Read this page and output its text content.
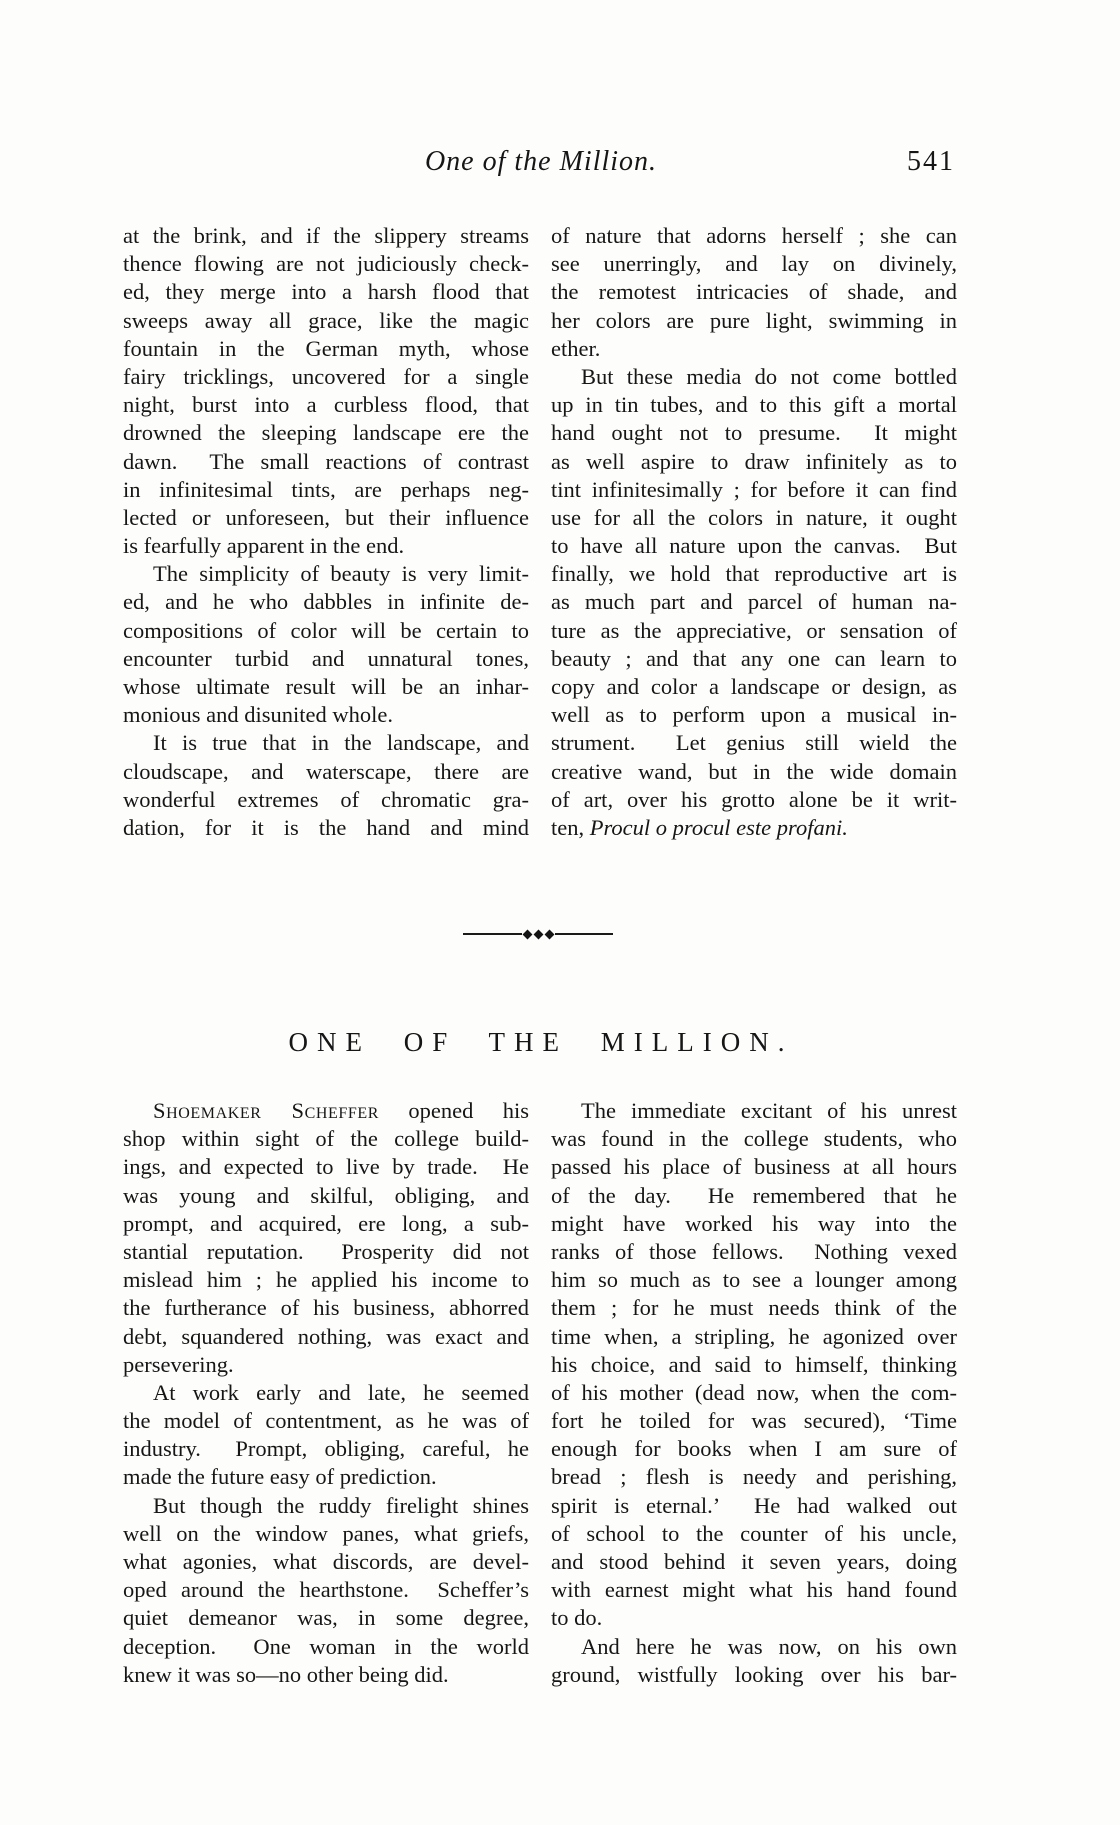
One of the Million.	541
at the brink, and if the slippery streams
thence flowing are not judiciously check-
ed, they merge into a harsh flood that
sweeps away all grace, like the magic
fountain in the German myth, whose
fairy tricklings, uncovered for a single
night, burst into a curbless flood, that
drowned the sleeping landscape ere the
dawn.  The small reactions of contrast
in infinitesimal tints, are perhaps neg-
lected or unforeseen, but their influence
is fearfully apparent in the end.
The simplicity of beauty is very limit-
ed, and he who dabbles in infinite de-
compositions of color will be certain to
encounter turbid and unnatural tones,
whose ultimate result will be an inhar-
monious and disunited whole.
It is true that in the landscape, and
cloudscape, and waterscape, there are
wonderful extremes of chromatic gra-
dation, for it is the hand and mind
of nature that adorns herself ; she can
see unerringly, and lay on divinely,
the remotest intricacies of shade, and
her colors are pure light, swimming in
ether.
But these media do not come bottled
up in tin tubes, and to this gift a mortal
hand ought not to presume.  It might
as well aspire to draw infinitely as to
tint infinitesimally ; for before it can find
use for all the colors in nature, it ought
to have all nature upon the canvas.  But
finally, we hold that reproductive art is
as much part and parcel of human na-
ture as the appreciative, or sensation of
beauty ; and that any one can learn to
copy and color a landscape or design, as
well as to perform upon a musical in-
strument.  Let genius still wield the
creative wand, but in the wide domain
of art, over his grotto alone be it writ-
ten, Procul o procul este profani.
ONE OF THE MILLION.
Shoemaker Scheffer opened his
shop within sight of the college build-
ings, and expected to live by trade.  He
was young and skilful, obliging, and
prompt, and acquired, ere long, a sub-
stantial reputation.  Prosperity did not
mislead him ; he applied his income to
the furtherance of his business, abhorred
debt, squandered nothing, was exact and
persevering.
At work early and late, he seemed
the model of contentment, as he was of
industry.  Prompt, obliging, careful, he
made the future easy of prediction.
But though the ruddy firelight shines
well on the window panes, what griefs,
what agonies, what discords, are devel-
oped around the hearthstone.  Scheffer’s
quiet demeanor was, in some degree,
deception.  One woman in the world
knew it was so—no other being did.
The immediate excitant of his unrest
was found in the college students, who
passed his place of business at all hours
of the day.  He remembered that he
might have worked his way into the
ranks of those fellows.  Nothing vexed
him so much as to see a lounger among
them ; for he must needs think of the
time when, a stripling, he agonized over
his choice, and said to himself, thinking
of his mother (dead now, when the com-
fort he toiled for was secured), ‘Time
enough for books when I am sure of
bread ; flesh is needy and perishing,
spirit is eternal.’  He had walked out
of school to the counter of his uncle,
and stood behind it seven years, doing
with earnest might what his hand found
to do.
And here he was now, on his own
ground, wistfully looking over his bar-
